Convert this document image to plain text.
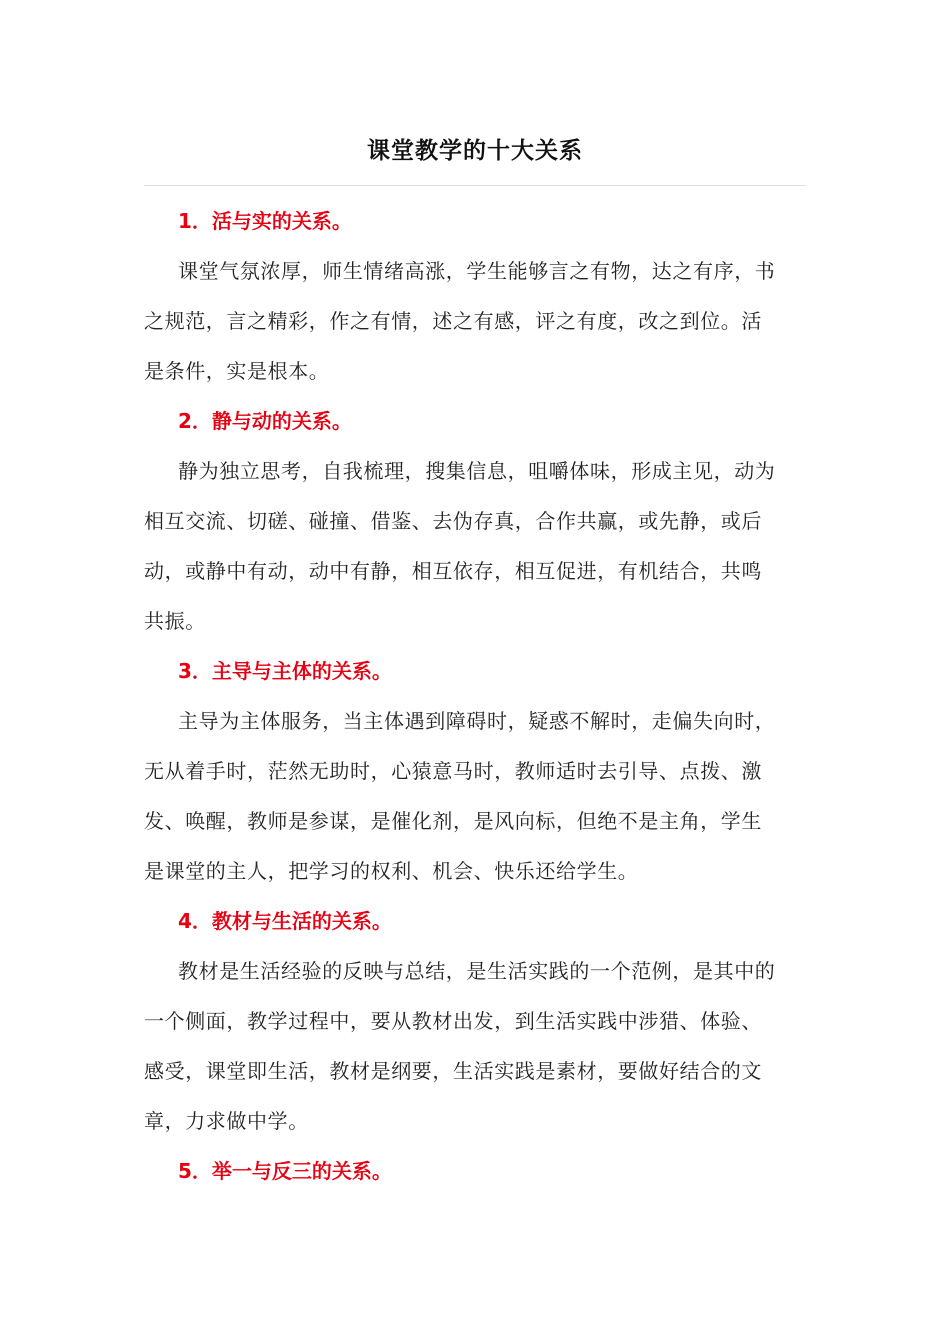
课堂教学的十大关系
1．活与实的关系。
课堂气氛浓厚，师生情绪高涨，学生能够言之有物，达之有序，书
之规范，言之精彩，作之有情，述之有感，评之有度，改之到位。活
是条件，实是根本。
2．静与动的关系。
静为独立思考，自我梳理，搜集信息，咀嚼体味，形成主见，动为
相互交流、切磋、碰撞、借鉴、去伪存真，合作共赢，或先静，或后
动，或静中有动，动中有静，相互依存，相互促进，有机结合，共鸣
共振。
3．主导与主体的关系。
主导为主体服务，当主体遇到障碍时，疑惑不解时，走偏失向时，
无从着手时，茫然无助时，心猿意马时，教师适时去引导、点拨、激
发、唤醒，教师是参谋，是催化剂，是风向标，但绝不是主角，学生
是课堂的主人，把学习的权利、机会、快乐还给学生。
4．教材与生活的关系。
教材是生活经验的反映与总结，是生活实践的一个范例，是其中的
一个侧面，教学过程中，要从教材出发，到生活实践中涉猎、体验、
感受，课堂即生活，教材是纲要，生活实践是素材，要做好结合的文
章，力求做中学。
5．举一与反三的关系。
